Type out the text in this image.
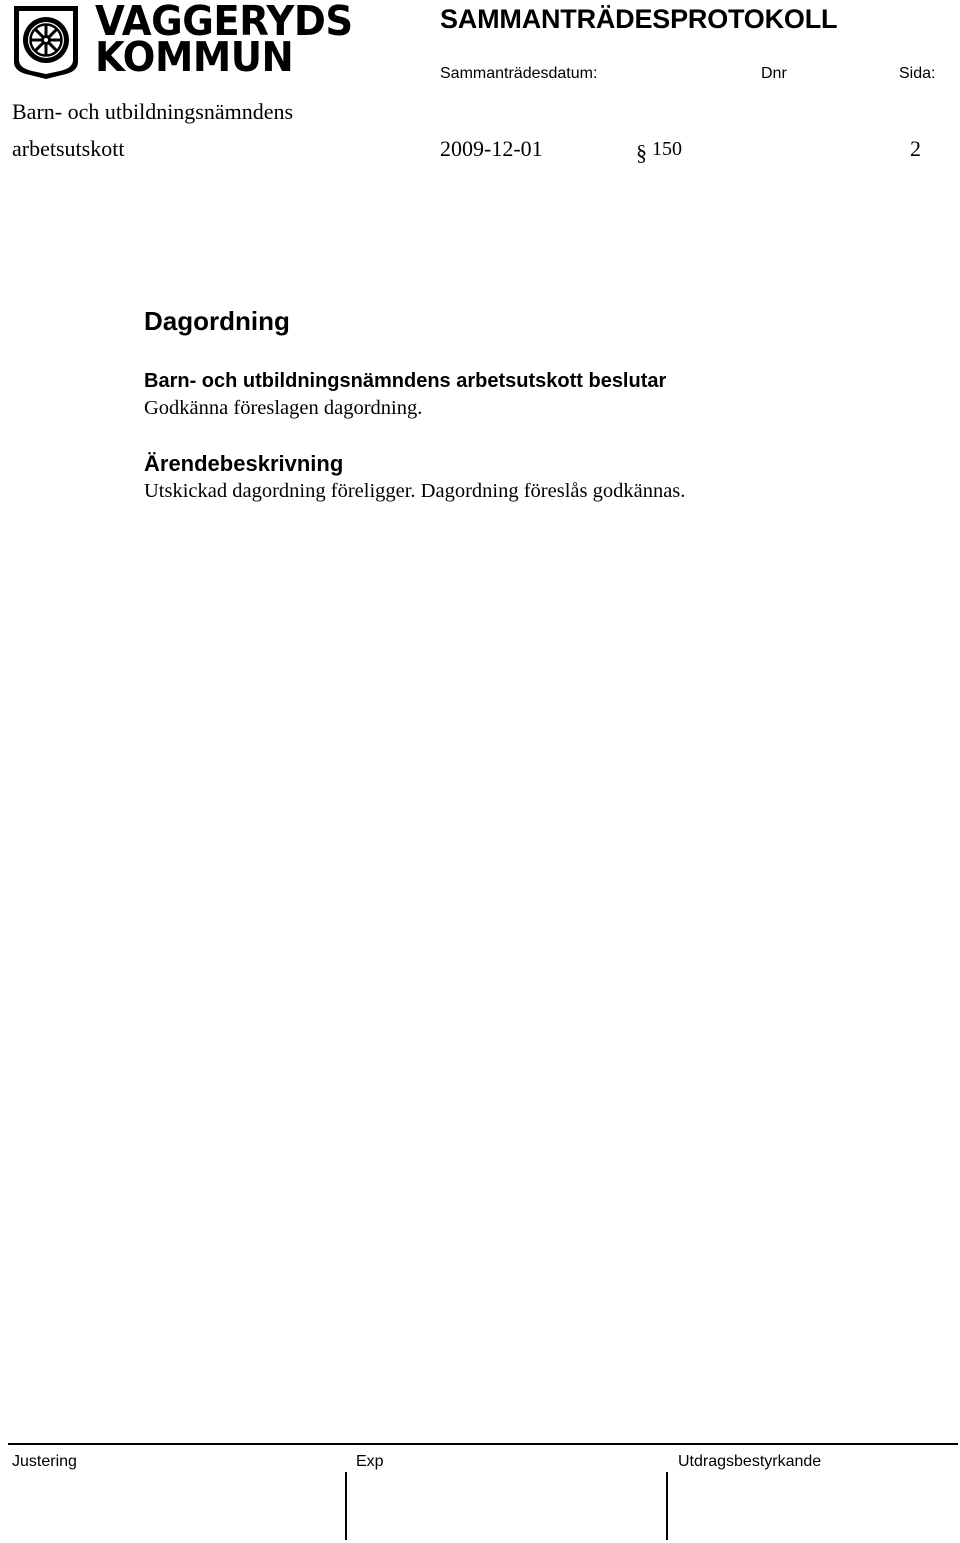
VAGGERYDS
KOMMUN
SAMMANTRÄDESPROTOKOLL
Sammanträdesdatum:	Dnr	Sida:
Barn- och utbildningsnämndens
arbetsutskott	2009-12-01	§ 150	2
Dagordning
Barn- och utbildningsnämndens arbetsutskott beslutar
Godkänna föreslagen dagordning.
Ärendebeskrivning
Utskickad dagordning föreligger. Dagordning föreslås godkännas.
Justering	Exp	Utdragsbestyrkande
